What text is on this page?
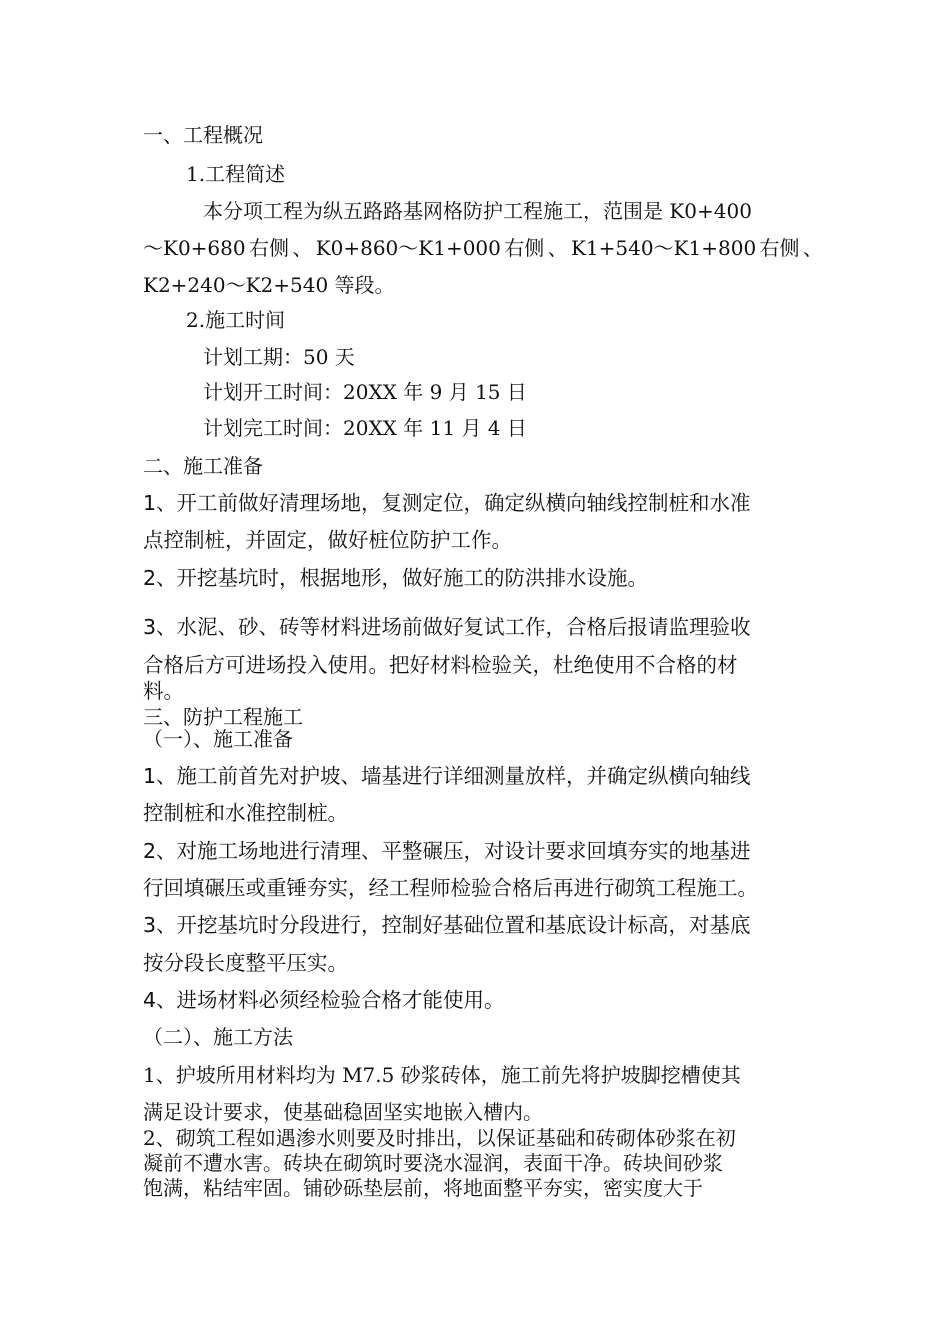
一、工程概况
1.工程简述
本分项工程为纵五路路基网格防护工程施工，范围是 K0+400
～K0+680 右侧 、 K0+860～K1+000 右侧 、 K1+540～K1+800 右侧 、
K2+240～K2+540 等段。
2.施工时间
计划工期：50 天
计划开工时间：20XX 年 9 月 15 日
计划完工时间：20XX 年 11 月 4 日
二、施工准备
1、开工前做好清理场地，复测定位，确定纵横向轴线控制桩和水准
点控制桩，并固定，做好桩位防护工作。
2、开挖基坑时，根据地形，做好施工的防洪排水设施。
3、水泥、砂、砖等材料进场前做好复试工作，合格后报请监理验收
合格后方可进场投入使用。把好材料检验关，杜绝使用不合格的材
料。
三、防护工程施工
（一）、施工准备
1、施工前首先对护坡、墙基进行详细测量放样，并确定纵横向轴线
控制桩和水准控制桩。
2、对施工场地进行清理、平整碾压，对设计要求回填夯实的地基进
行回填碾压或重锤夯实，经工程师检验合格后再进行砌筑工程施工。
3、开挖基坑时分段进行，控制好基础位置和基底设计标高，对基底
按分段长度整平压实。
4、进场材料必须经检验合格才能使用。
（二）、施工方法
1、护坡所用材料均为 M7.5 砂浆砖体，施工前先将护坡脚挖槽使其
满足设计要求，使基础稳固坚实地嵌入槽内。
2、砌筑工程如遇渗水则要及时排出，以保证基础和砖砌体砂浆在初
凝前不遭水害。砖块在砌筑时要浇水湿润，表面干净。砖块间砂浆
饱满，粘结牢固。铺砂砾垫层前，将地面整平夯实，密实度大于
